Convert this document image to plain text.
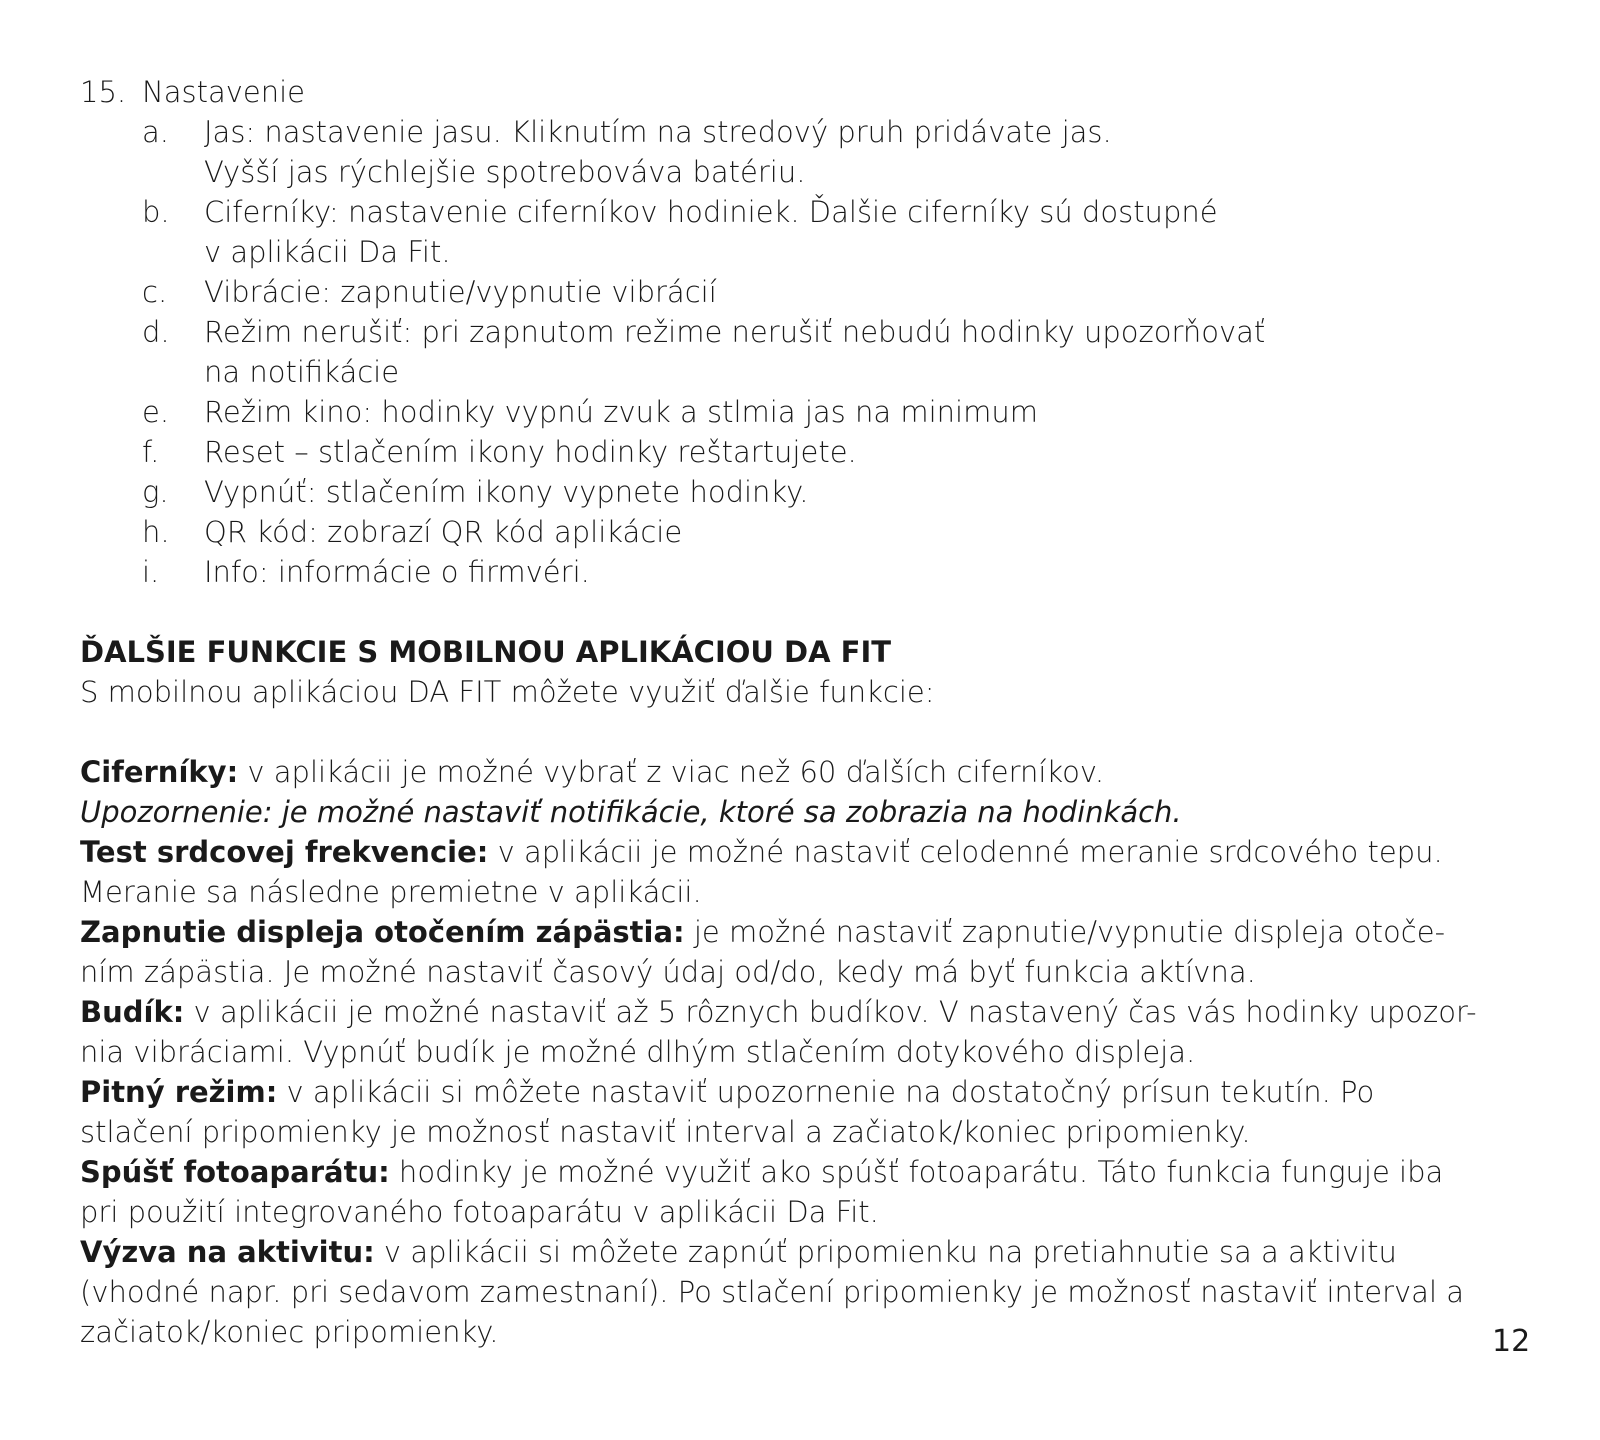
15. Nastavenie
a. Jas: nastavenie jasu. Kliknutím na stredový pruh pridávate jas.
Vyšší jas rýchlejšie spotrebováva batériu.
b. Ciferníky: nastavenie ciferníkov hodiniek. Ďalšie ciferníky sú dostupné
v aplikácii Da Fit.
c. Vibrácie: zapnutie/vypnutie vibrácií
d. Režim nerušiť: pri zapnutom režime nerušiť nebudú hodinky upozorňovať
na notifikácie
e. Režim kino: hodinky vypnú zvuk a stlmia jas na minimum
f. Reset – stlačením ikony hodinky reštartujete.
g. Vypnúť: stlačením ikony vypnete hodinky.
h. QR kód: zobrazí QR kód aplikácie
i. Info: informácie o firmvéri.
ĎALŠIE FUNKCIE S MOBILNOU APLIKÁCIOU DA FIT
S mobilnou aplikáciou DA FIT môžete využiť ďalšie funkcie:
Ciferníky: v aplikácii je možné vybrať z viac než 60 ďalších ciferníkov.
Upozornenie: je možné nastaviť notifikácie, ktoré sa zobrazia na hodinkách.
Test srdcovej frekvencie: v aplikácii je možné nastaviť celodenné meranie srdcového tepu.
Meranie sa následne premietne v aplikácii.
Zapnutie displeja otočením zápästia: je možné nastaviť zapnutie/vypnutie displeja otoče-
ním zápästia. Je možné nastaviť časový údaj od/do, kedy má byť funkcia aktívna.
Budík: v aplikácii je možné nastaviť až 5 rôznych budíkov. V nastavený čas vás hodinky upozor-
nia vibráciami. Vypnúť budík je možné dlhým stlačením dotykového displeja.
Pitný režim: v aplikácii si môžete nastaviť upozornenie na dostatočný prísun tekutín. Po
stlačení pripomienky je možnosť nastaviť interval a začiatok/koniec pripomienky.
Spúšť fotoaparátu: hodinky je možné využiť ako spúšť fotoaparátu. Táto funkcia funguje iba
pri použití integrovaného fotoaparátu v aplikácii Da Fit.
Výzva na aktivitu: v aplikácii si môžete zapnúť pripomienku na pretiahnutie sa a aktivitu
(vhodné napr. pri sedavom zamestnaní). Po stlačení pripomienky je možnosť nastaviť interval a
začiatok/koniec pripomienky.	12
